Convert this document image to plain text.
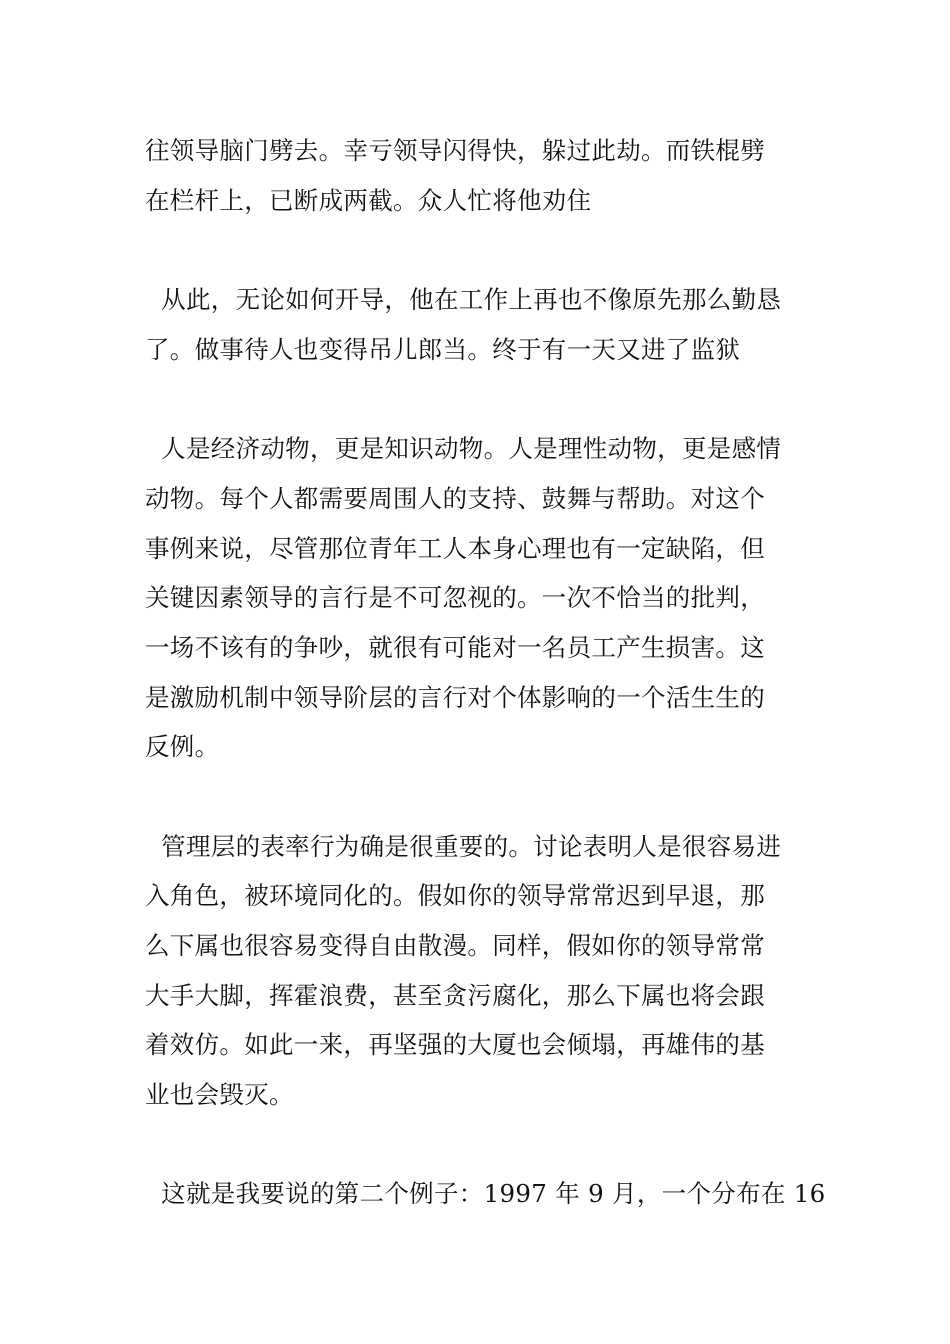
往领导脑门劈去。幸亏领导闪得快，躲过此劫。而铁棍劈
在栏杆上，已断成两截。众人忙将他劝住
从此，无论如何开导，他在工作上再也不像原先那么勤恳
了。做事待人也变得吊儿郎当。终于有一天又进了监狱
人是经济动物，更是知识动物。人是理性动物，更是感情
动物。每个人都需要周围人的支持、鼓舞与帮助。对这个
事例来说，尽管那位青年工人本身心理也有一定缺陷，但
关键因素领导的言行是不可忽视的。一次不恰当的批判，
一场不该有的争吵，就很有可能对一名员工产生损害。这
是激励机制中领导阶层的言行对个体影响的一个活生生的
反例。
管理层的表率行为确是很重要的。讨论表明人是很容易进
入角色，被环境同化的。假如你的领导常常迟到早退，那
么下属也很容易变得自由散漫。同样，假如你的领导常常
大手大脚，挥霍浪费，甚至贪污腐化，那么下属也将会跟
着效仿。如此一来，再坚强的大厦也会倾塌，再雄伟的基
业也会毁灭。
这就是我要说的第二个例子：1997 年 9 月，一个分布在 16
